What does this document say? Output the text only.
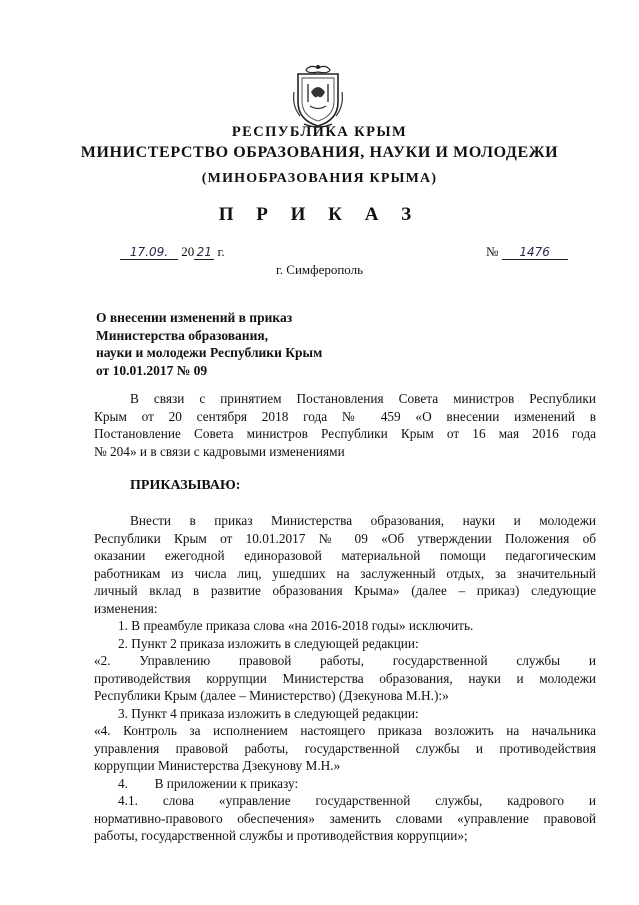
РЕСПУБЛИКА КРЫМ
МИНИСТЕРСТВО ОБРАЗОВАНИЯ, НАУКИ И МОЛОДЕЖИ
(МИНОБРАЗОВАНИЯ КРЫМА)
П Р И К А З
17.09. 20 21 г.	№ 1476
г. Симферополь
О внесении изменений в приказ
Министерства образования,
науки и молодежи Республики Крым
от 10.01.2017 № 09
В связи с принятием Постановления Совета министров Республики
Крым от 20 сентября 2018 года № 459 «О внесении изменений в
Постановление Совета министров Республики Крым от 16 мая 2016 года
№ 204» и в связи с кадровыми изменениями
ПРИКАЗЫВАЮ:
Внести в приказ Министерства образования, науки и молодежи
Республики Крым от 10.01.2017 № 09 «Об утверждении Положения об
оказании ежегодной единоразовой материальной помощи педагогическим
работникам из числа лиц, ушедших на заслуженный отдых, за значительный
личный вклад в развитие образования Крыма» (далее – приказ) следующие
изменения:
1. В преамбуле приказа слова «на 2016-2018 годы» исключить.
2. Пункт 2 приказа изложить в следующей редакции:
«2. Управлению правовой работы, государственной службы и
противодействия коррупции Министерства образования, науки и молодежи
Республики Крым (далее – Министерство) (Дзекунова М.Н.):»
3. Пункт 4 приказа изложить в следующей редакции:
«4. Контроль за исполнением настоящего приказа возложить на начальника
управления правовой работы, государственной службы и противодействия
коррупции Министерства Дзекунову М.Н.»
4.        В приложении к приказу:
4.1. слова «управление государственной службы, кадрового и
нормативно-правового обеспечения» заменить словами «управление правовой
работы, государственной службы и противодействия коррупции»;
